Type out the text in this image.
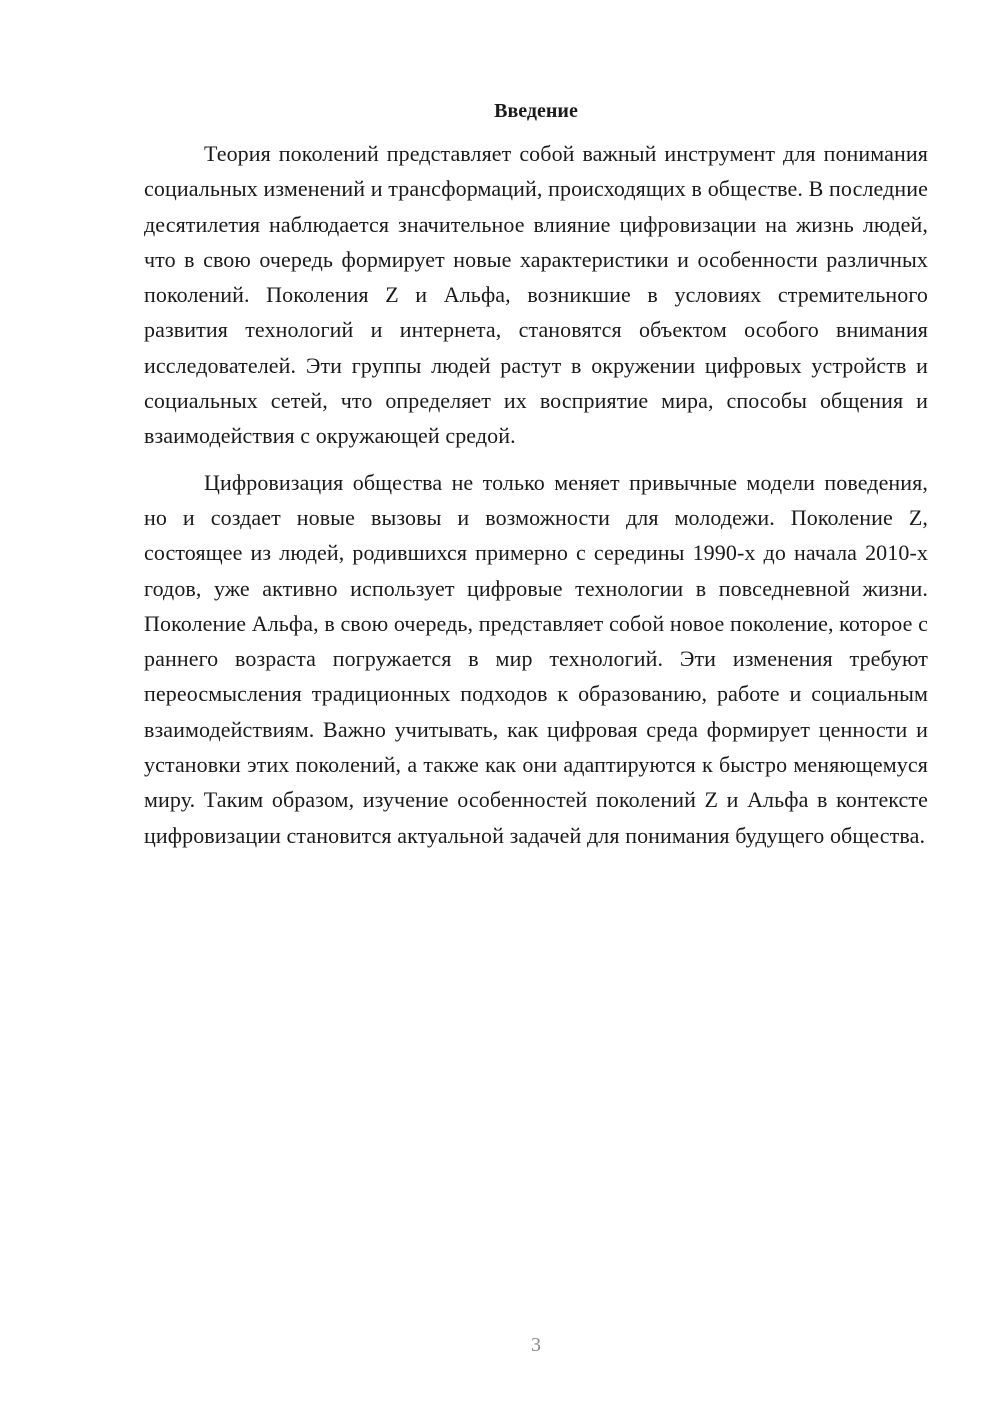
Введение

Теория поколений представляет собой важный инструмент для понимания социальных изменений и трансформаций, происходящих в обществе. В последние десятилетия наблюдается значительное влияние цифровизации на жизнь людей, что в свою очередь формирует новые характеристики и особенности различных поколений. Поколения Z и Альфа, возникшие в условиях стремительного развития технологий и интернета, становятся объектом особого внимания исследователей. Эти группы людей растут в окружении цифровых устройств и социальных сетей, что определяет их восприятие мира, способы общения и взаимодействия с окружающей средой.

Цифровизация общества не только меняет привычные модели поведения, но и создает новые вызовы и возможности для молодежи. Поколение Z, состоящее из людей, родившихся примерно с середины 1990-х до начала 2010-х годов, уже активно использует цифровые технологии в повседневной жизни. Поколение Альфа, в свою очередь, представляет собой новое поколение, которое с раннего возраста погружается в мир технологий. Эти изменения требуют переосмысления традиционных подходов к образованию, работе и социальным взаимодействиям. Важно учитывать, как цифровая среда формирует ценности и установки этих поколений, а также как они адаптируются к быстро меняющемуся миру. Таким образом, изучение особенностей поколений Z и Альфа в контексте цифровизации становится актуальной задачей для понимания будущего общества.

3
